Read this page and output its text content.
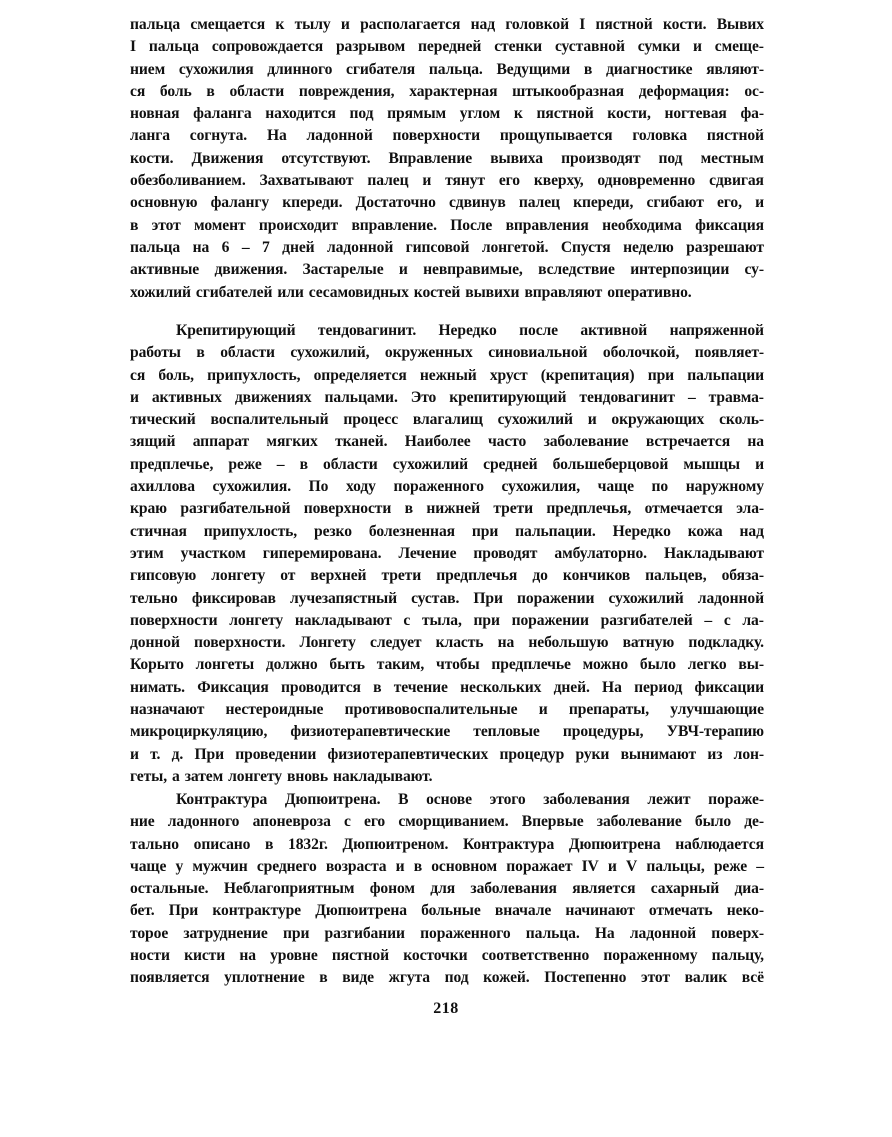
пальца смещается к тылу и располагается над головкой I пястной кости. Вывих
I пальца сопровождается разрывом передней стенки суставной сумки и смеще-
нием сухожилия длинного сгибателя пальца. Ведущими в диагностике являют-
ся боль в области повреждения, характерная штыкообразная деформация: ос-
новная фаланга находится под прямым углом к пястной кости, ногтевая фа-
ланга согнута. На ладонной поверхности прощупывается головка пястной
кости. Движения отсутствуют. Вправление вывиха производят под местным
обезболиванием. Захватывают палец и тянут его кверху, одновременно сдвигая
основную фалангу кпереди. Достаточно сдвинув палец кпереди, сгибают его, и
в этот момент происходит вправление. После вправления необходима фиксация
пальца на 6 – 7 дней ладонной гипсовой лонгетой. Спустя неделю разрешают
активные движения. Застарелые и невправимые, вследствие интерпозиции су-
хожилий сгибателей или сесамовидных костей вывихи вправляют оперативно.
Крепитирующий тендовагинит. Нередко после активной напряженной
работы в области сухожилий, окруженных синовиальной оболочкой, появляет-
ся боль, припухлость, определяется нежный хруст (крепитация) при пальпации
и активных движениях пальцами. Это крепитирующий тендовагинит – травма-
тический воспалительный процесс влагалищ сухожилий и окружающих сколь-
зящий аппарат мягких тканей. Наиболее часто заболевание встречается на
предплечье, реже – в области сухожилий средней большеберцовой мышцы и
ахиллова сухожилия. По ходу пораженного сухожилия, чаще по наружному
краю разгибательной поверхности в нижней трети предплечья, отмечается эла-
стичная припухлость, резко болезненная при пальпации. Нередко кожа над
этим участком гиперемирована. Лечение проводят амбулаторно. Накладывают
гипсовую лонгету от верхней трети предплечья до кончиков пальцев, обяза-
тельно фиксировав лучезапястный сустав. При поражении сухожилий ладонной
поверхности лонгету накладывают с тыла, при поражении разгибателей – с ла-
донной поверхности. Лонгету следует класть на небольшую ватную подкладку.
Корыто лонгеты должно быть таким, чтобы предплечье можно было легко вы-
нимать. Фиксация проводится в течение нескольких дней. На период фиксации
назначают нестероидные противовоспалительные и препараты, улучшающие
микроциркуляцию, физиотерапевтические тепловые процедуры, УВЧ-терапию
и т. д. При проведении физиотерапевтических процедур руки вынимают из лон-
геты, а затем лонгету вновь накладывают.
Контрактура Дюпюитрена. В основе этого заболевания лежит пораже-
ние ладонного апоневроза с его сморщиванием. Впервые заболевание было де-
тально описано в 1832г. Дюпюитреном. Контрактура Дюпюитрена наблюдается
чаще у мужчин среднего возраста и в основном поражает IV и V пальцы, реже –
остальные. Неблагоприятным фоном для заболевания является сахарный диа-
бет. При контрактуре Дюпюитрена больные вначале начинают отмечать неко-
торое затруднение при разгибании пораженного пальца. На ладонной поверх-
ности кисти на уровне пястной косточки соответственно пораженному пальцу,
появляется уплотнение в виде жгута под кожей. Постепенно этот валик всё
218
